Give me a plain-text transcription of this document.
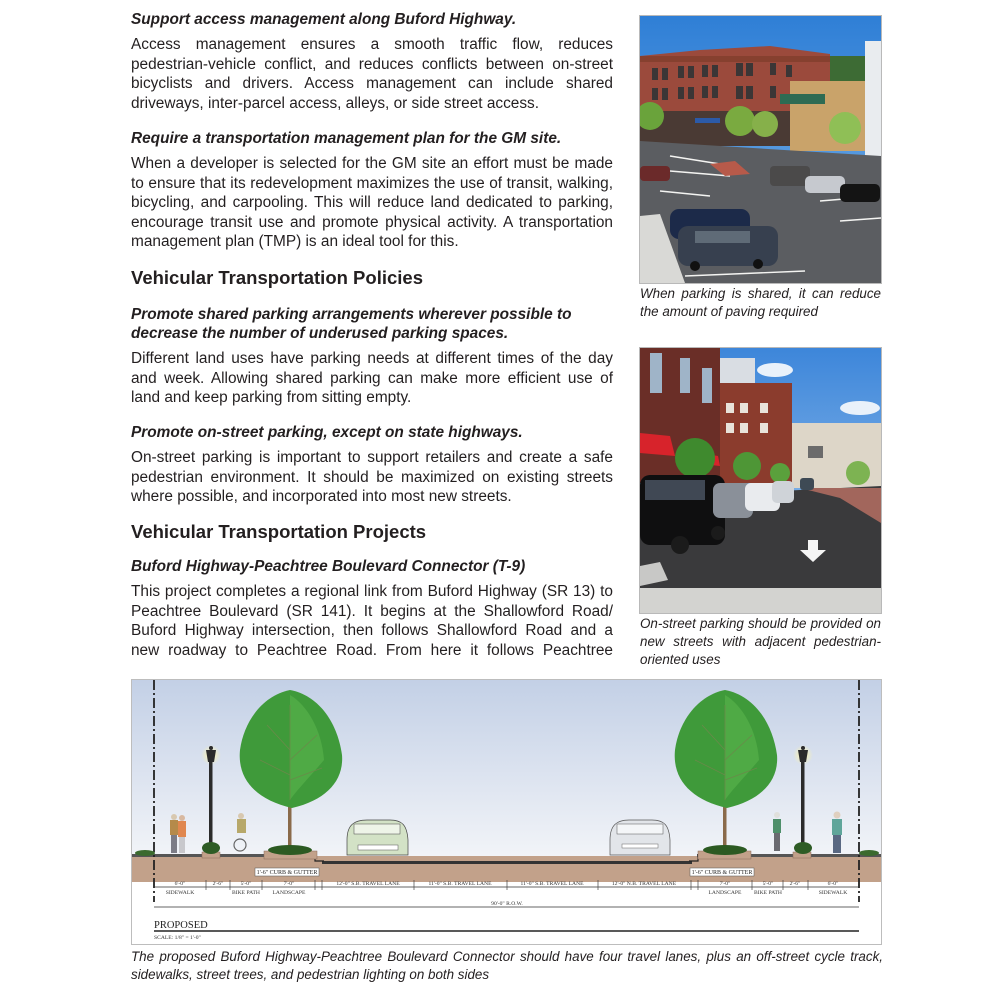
Support access management along Buford Highway.

Access management ensures a smooth traffic flow, reduces pedestrian-vehicle conflict, and reduces conflicts between on-street bicyclists and drivers. Access management can include shared driveways, inter-parcel access, alleys, or side street access.

Require a transportation management plan for the GM site.

When a developer is selected for the GM site an effort must be made to ensure that its redevelopment maximizes the use of transit, walking, bicycling, and carpooling. This will reduce land dedicated to parking, encourage transit use and promote physical activity. A transportation management plan (TMP) is an ideal tool for this.

Vehicular Transportation Policies

Promote shared parking arrangements wherever possible to decrease the number of underused parking spaces.

Different land uses have parking needs at different times of the day and week. Allowing shared parking can make more efficient use of land and keep parking from sitting empty.

Promote on-street parking, except on state highways.

On-street parking is important to support retailers and create a safe pedestrian environment. It should be maximized on existing streets where possible, and incorporated into most new streets.

Vehicular Transportation Projects

Buford Highway-Peachtree Boulevard Connector (T-9)

This project completes a regional link from Buford Highway (SR 13) to Peachtree Boulevard (SR 141). It begins at the Shallowford Road/ Buford Highway intersection, then follows Shallowford Road and a new roadway to Peachtree Road. From here it follows Peachtree

When parking is shared, it can reduce the amount of paving required
On-street parking should be provided on new streets with adjacent pedestrian-oriented uses
1'-6" CURB & GUTTER	1'-6" CURB & GUTTER
6'-0"
SIDEWALK
2'-6"	5'-0"
BIKE PATH
7'-0"
LANDSCAPE
12'-0" S.B. TRAVEL LANE	11'-0" S.B. TRAVEL LANE	11'-0" S.B. TRAVEL LANE	12'-0" N.B. TRAVEL LANE	7'-0"
LANDSCAPE
5'-0"
BIKE PATH
2'-6"	6'-0"
SIDEWALK
90'-0" R.O.W.
PROPOSED
SCALE: 1/8" = 1'-0"
The proposed Buford Highway-Peachtree Boulevard Connector should have four travel lanes, plus an off-street cycle track, sidewalks, street trees, and pedestrian lighting on both sides
